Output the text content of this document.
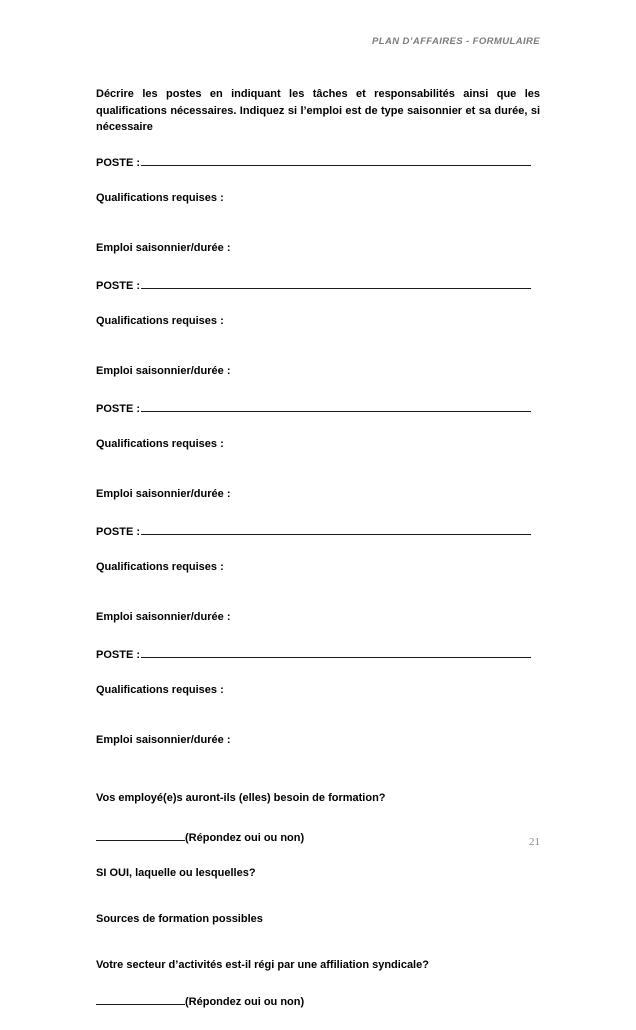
PLAN D’AFFAIRES - FORMULAIRE

Décrire les postes en indiquant les tâches et responsabilités ainsi que les qualifications nécessaires. Indiquez si l’emploi est de type saisonnier et sa durée, si nécessaire

POSTE :
Qualifications requises :
Emploi saisonnier/durée :
POSTE :
Qualifications requises :
Emploi saisonnier/durée :
POSTE :
Qualifications requises :
Emploi saisonnier/durée :
POSTE :
Qualifications requises :
Emploi saisonnier/durée :
POSTE :
Qualifications requises :
Emploi saisonnier/durée :
Vos employé(e)s auront-ils (elles) besoin de formation?
(Répondez oui ou non)
SI OUI, laquelle ou lesquelles?
Sources de formation possibles
Votre secteur d’activités est-il régi par une affiliation syndicale?
(Répondez oui ou non)
21
